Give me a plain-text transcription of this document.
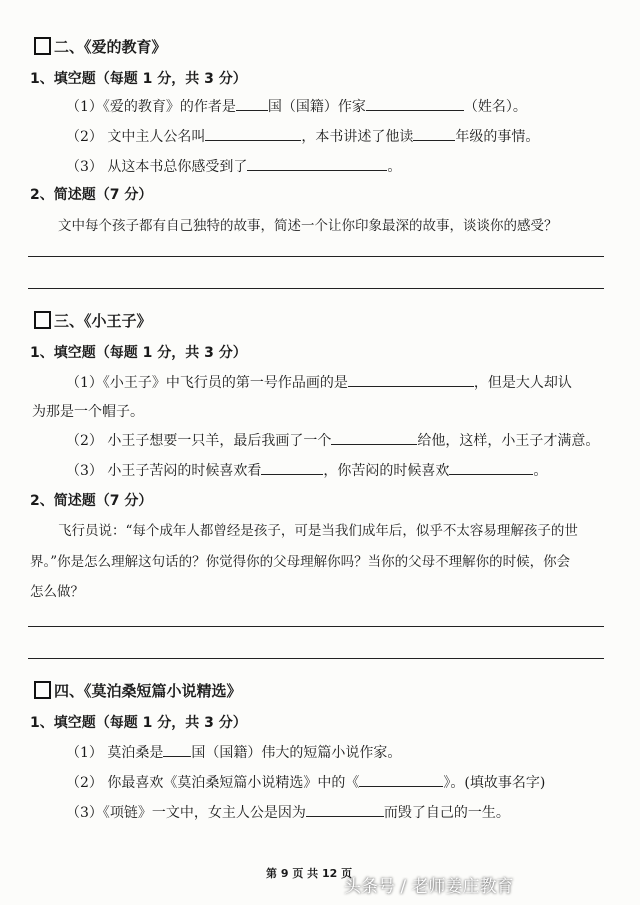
二、《爱的教育》
1、填空题（每题 1 分，共 3 分）
（1）《爱的教育》的作者是 国（国籍）作家	（姓名）。
（2） 文中主人公名叫	，本书讲述了他读	年级的事情。
（3） 从这本书总你感受到了	。
2、简述题（7 分）
文中每个孩子都有自己独特的故事，简述一个让你印象最深的故事，谈谈你的感受？
三、《小王子》
1、填空题（每题 1 分，共 3 分）
（1）《小王子》中飞行员的第一号作品画的是	，但是大人却认
为那是一个帽子。
（2） 小王子想要一只羊，最后我画了一个	给他，这样，小王子才满意。
（3） 小王子苦闷的时候喜欢看	，你苦闷的时候喜欢	。
2、简述题（7 分）
飞行员说：“每个成年人都曾经是孩子，可是当我们成年后，似乎不太容易理解孩子的世
界。”你是怎么理解这句话的？你觉得你的父母理解你吗？当你的父母不理解你的时候，你会
怎么做？
四、《莫泊桑短篇小说精选》
1、填空题（每题 1 分，共 3 分）
（1） 莫泊桑是 国（国籍）伟大的短篇小说作家。
（2） 你最喜欢《莫泊桑短篇小说精选》中的《	》。(填故事名字)
（3）《项链》一文中，女主人公是因为	而毁了自己的一生。
第 9 页 共 12 页
头条号 / 老师姜庄教育
